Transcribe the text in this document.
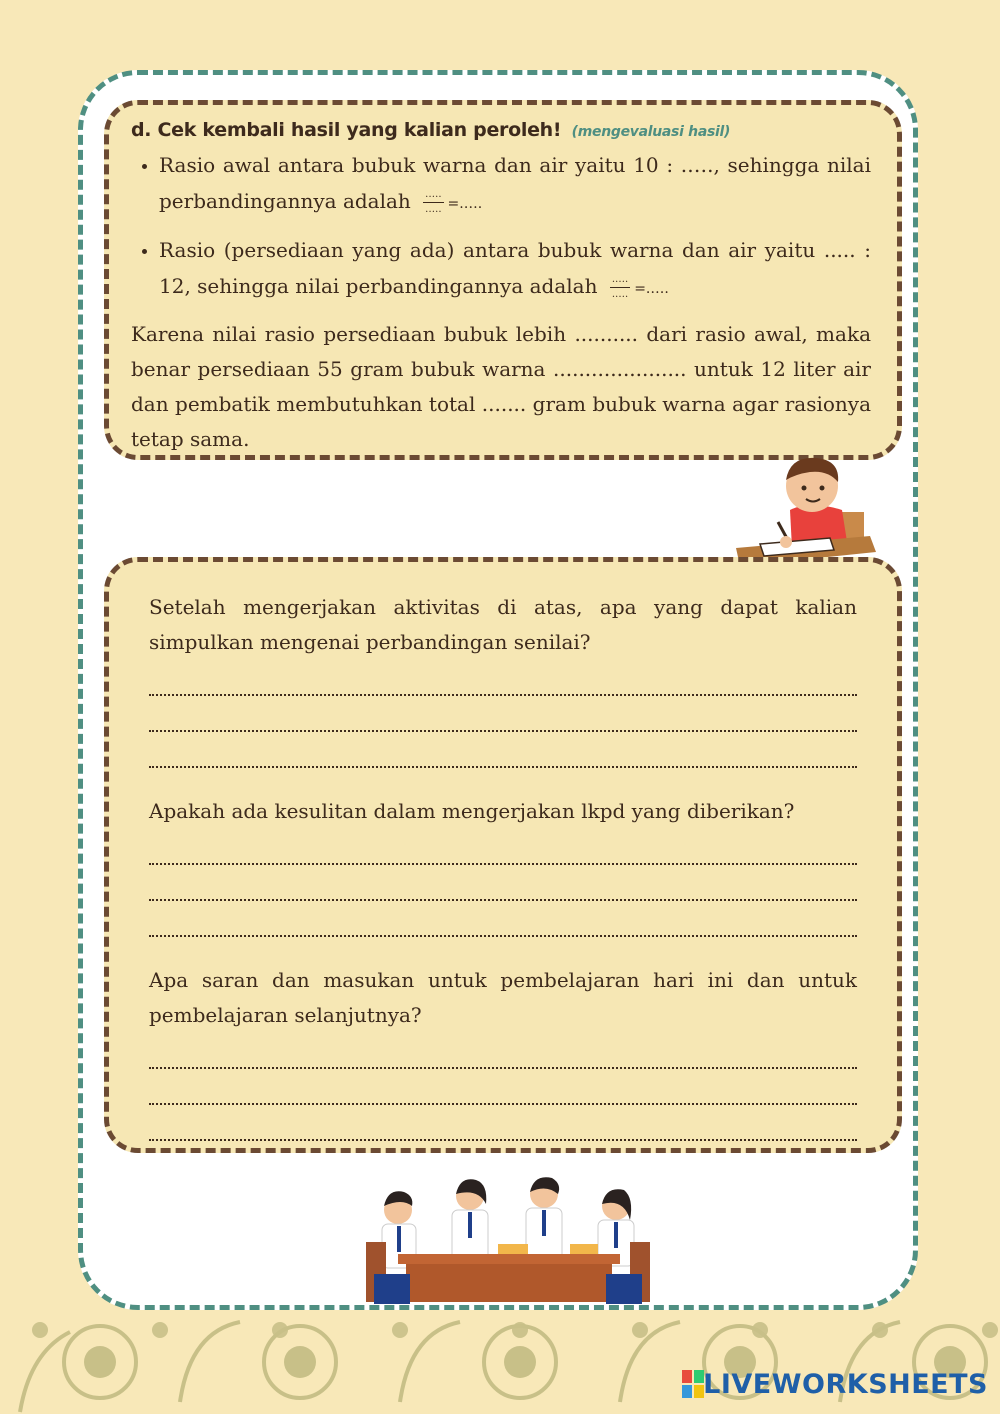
d. Cek kembali hasil yang kalian peroleh! (mengevaluasi hasil)
• Rasio awal antara bubuk warna dan air yaitu 10 : .…., sehingga nilai perbandingannya adalah $\frac{.\dots.}{.\dots.}$ =.….
• Rasio (persediaan yang ada) antara bubuk warna dan air yaitu ..... : 12, sehingga nilai perbandingannya adalah $\frac{.\dots.}{.\dots.}$ =.….

Karena nilai rasio persediaan bubuk lebih .......... dari rasio awal, maka benar persediaan 55 gram bubuk warna ..................... untuk 12 liter air dan pembatik membutuhkan total ....... gram bubuk warna agar rasionya tetap sama.

Setelah mengerjakan aktivitas di atas, apa yang dapat kalian simpulkan mengenai perbandingan senilai?

Apakah ada kesulitan dalam mengerjakan lkpd yang diberikan?

Apa saran dan masukan untuk pembelajaran hari ini dan untuk pembelajaran selanjutnya?

LIVEWORKSHEETS
